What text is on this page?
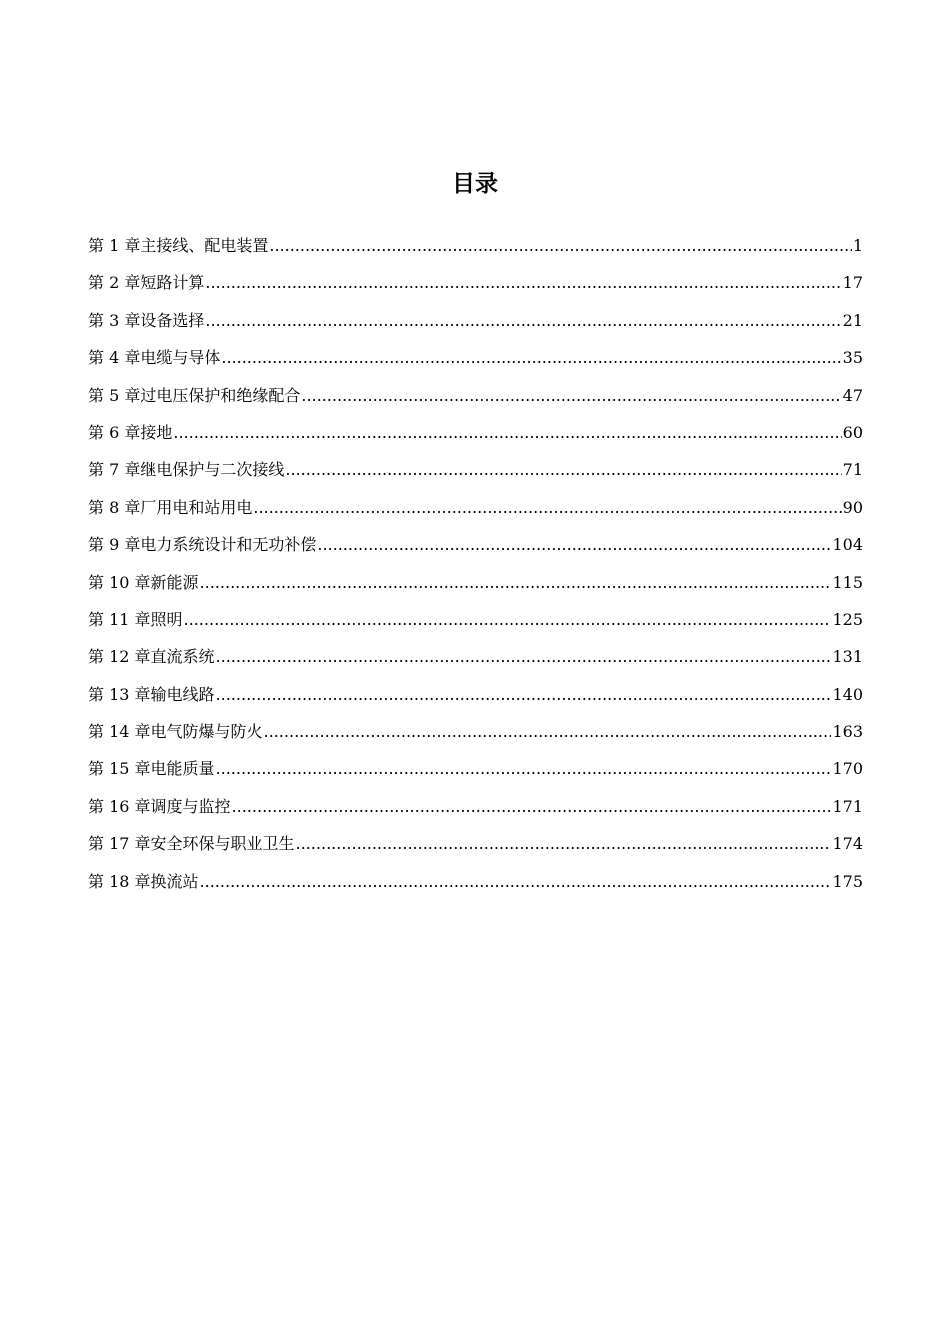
目录
第 1 章主接线、配电装置 .....	1
第 2 章短路计算 .....	17
第 3 章设备选择 .....	21
第 4 章电缆与导体 .....	35
第 5 章过电压保护和绝缘配合 .....	47
第 6 章接地 .....	60
第 7 章继电保护与二次接线 .....	71
第 8 章厂用电和站用电 .....	90
第 9 章电力系统设计和无功补偿 .....	104
第 10 章新能源 .....	115
第 11 章照明 .....	125
第 12 章直流系统 .....	131
第 13 章输电线路 .....	140
第 14 章电气防爆与防火 .....	163
第 15 章电能质量 .....	170
第 16 章调度与监控 .....	171
第 17 章安全环保与职业卫生 .....	174
第 18 章换流站 .....	175
